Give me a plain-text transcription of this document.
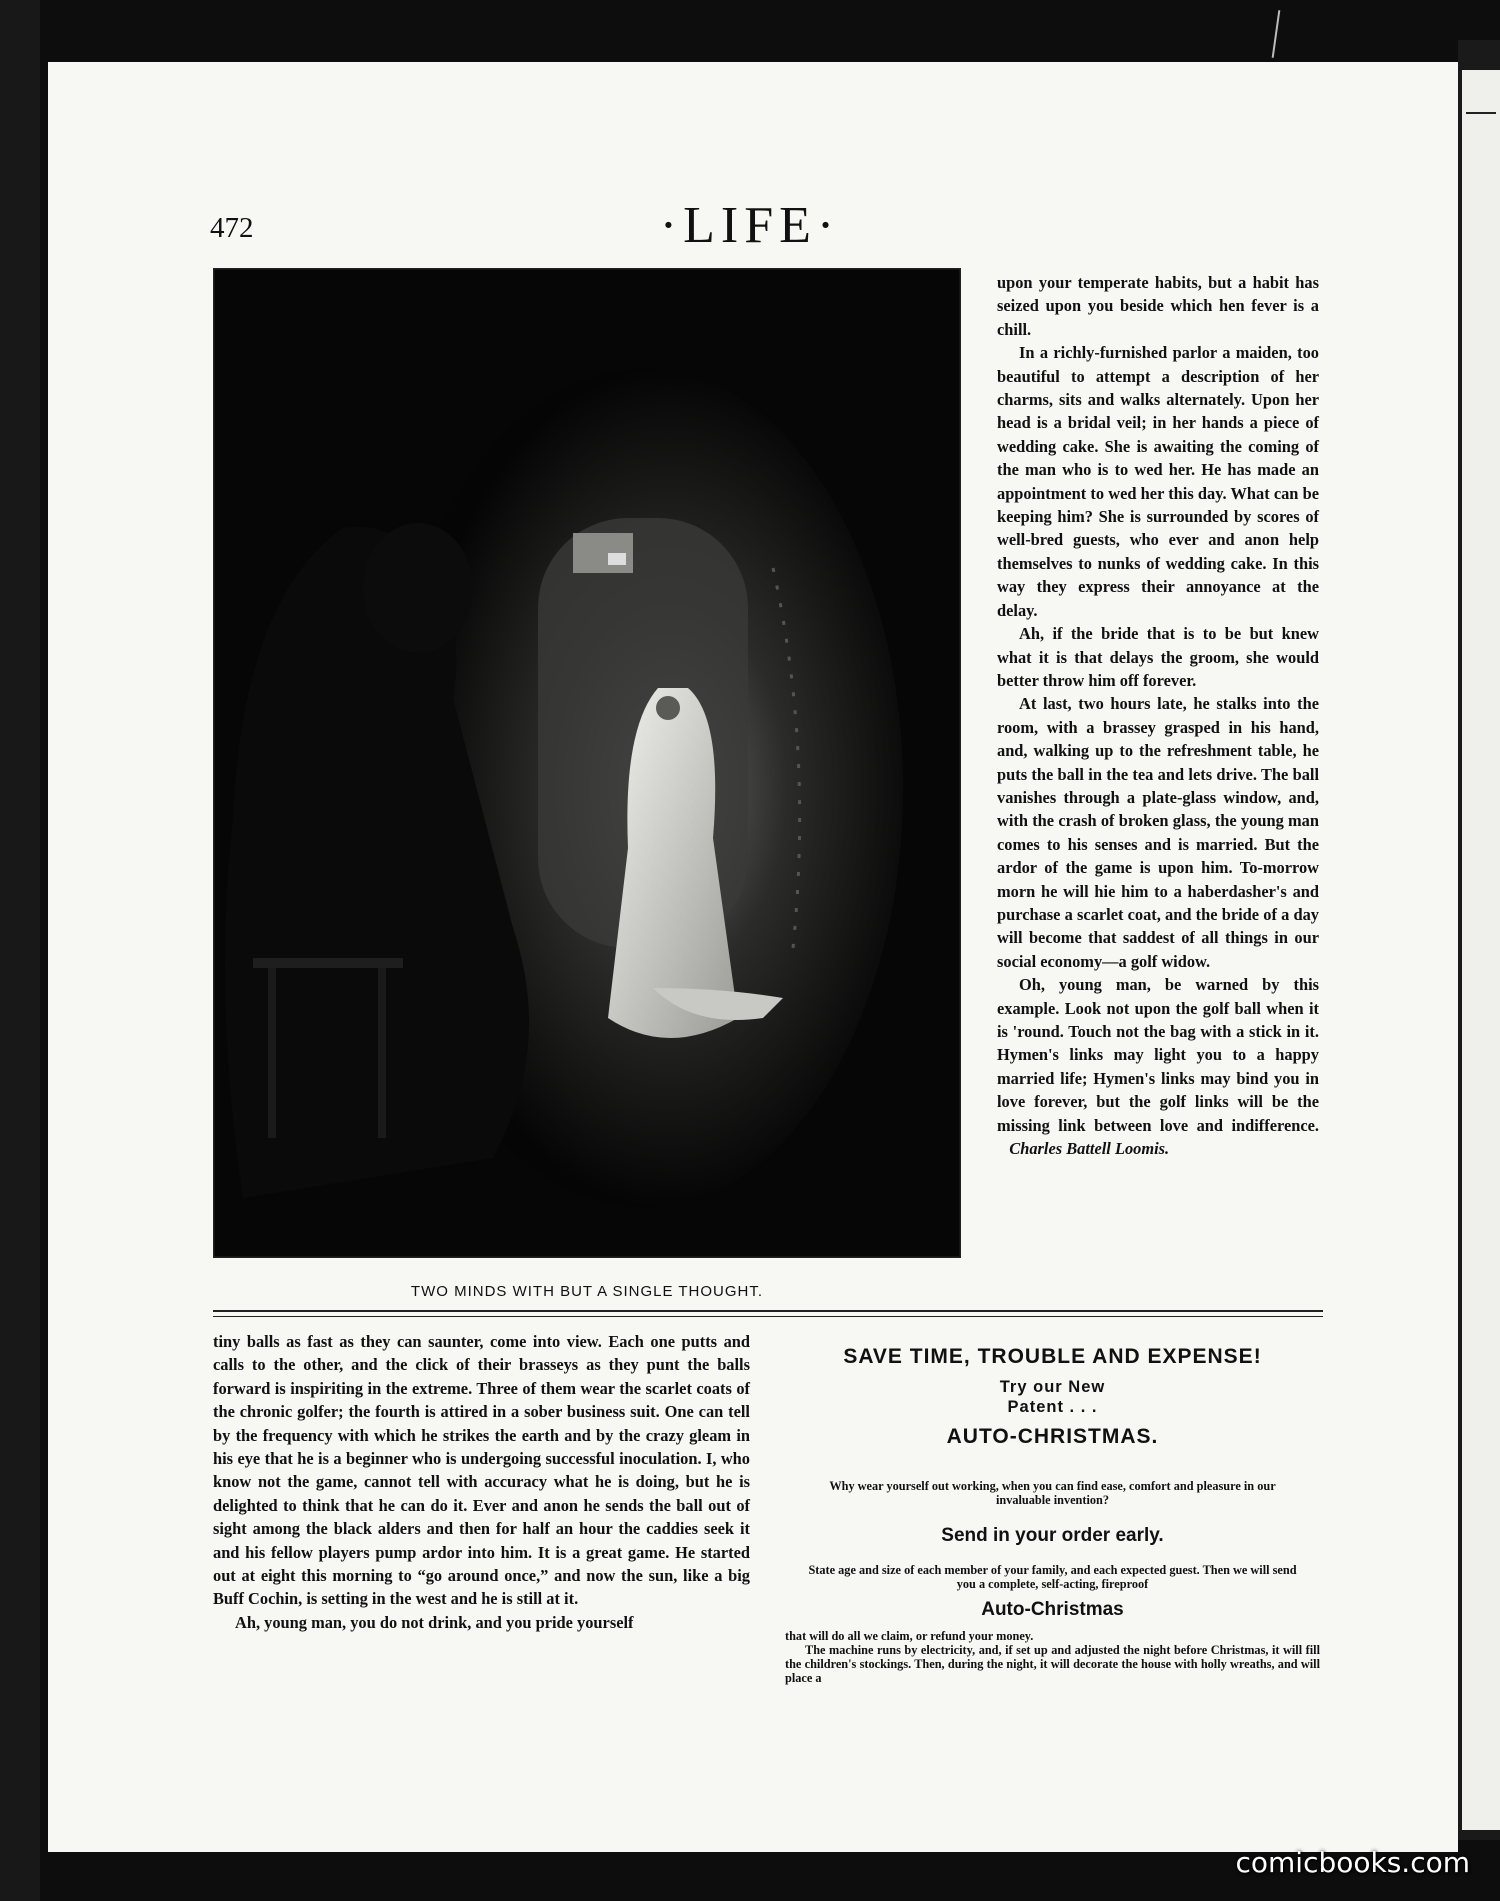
472	·LIFE·
TWO MINDS WITH BUT A SINGLE THOUGHT.

upon your temperate habits, but a habit has seized upon you beside which hen fever is a chill.

In a richly-furnished parlor a maiden, too beautiful to attempt a description of her charms, sits and walks alternately. Upon her head is a bridal veil; in her hands a piece of wedding cake. She is awaiting the coming of the man who is to wed her. He has made an appointment to wed her this day. What can be keeping him? She is surrounded by scores of well-bred guests, who ever and anon help themselves to nunks of wedding cake. In this way they express their annoyance at the delay.

Ah, if the bride that is to be but knew what it is that delays the groom, she would better throw him off forever.

At last, two hours late, he stalks into the room, with a brassey grasped in his hand, and, walking up to the refreshment table, he puts the ball in the tea and lets drive. The ball vanishes through a plate-glass window, and, with the crash of broken glass, the young man comes to his senses and is married. But the ardor of the game is upon him. To-morrow morn he will hie him to a haberdasher's and purchase a scarlet coat, and the bride of a day will become that saddest of all things in our social economy—a golf widow.

Oh, young man, be warned by this example. Look not upon the golf ball when it is 'round. Touch not the bag with a stick in it. Hymen's links may light you to a happy married life; Hymen's links may bind you in love forever, but the golf links will be the missing link between love and indifference.    Charles Battell Loomis.

tiny balls as fast as they can saunter, come into view. Each one putts and calls to the other, and the click of their brasseys as they punt the balls forward is inspiriting in the extreme. Three of them wear the scarlet coats of the chronic golfer; the fourth is attired in a sober business suit. One can tell by the frequency with which he strikes the earth and by the crazy gleam in his eye that he is a beginner who is undergoing successful inoculation. I, who know not the game, cannot tell with accuracy what he is doing, but he is delighted to think that he can do it. Ever and anon he sends the ball out of sight among the black alders and then for half an hour the caddies seek it and his fellow players pump ardor into him. It is a great game. He started out at eight this morning to “go around once,” and now the sun, like a big Buff Cochin, is setting in the west and he is still at it.

Ah, young man, you do not drink, and you pride yourself

SAVE TIME, TROUBLE AND EXPENSE!
Try our New
Patent . . .
AUTO-CHRISTMAS.
Why wear yourself out working, when you can find ease, comfort and pleasure in our invaluable invention?
Send in your order early.
State age and size of each member of your family, and each expected guest. Then we will send you a complete, self-acting, fireproof
Auto-Christmas
that will do all we claim, or refund your money.
The machine runs by electricity, and, if set up and adjusted the night before Christmas, it will fill the children's stockings. Then, during the night, it will decorate the house with holly wreaths, and will place a
comicbooks.com
